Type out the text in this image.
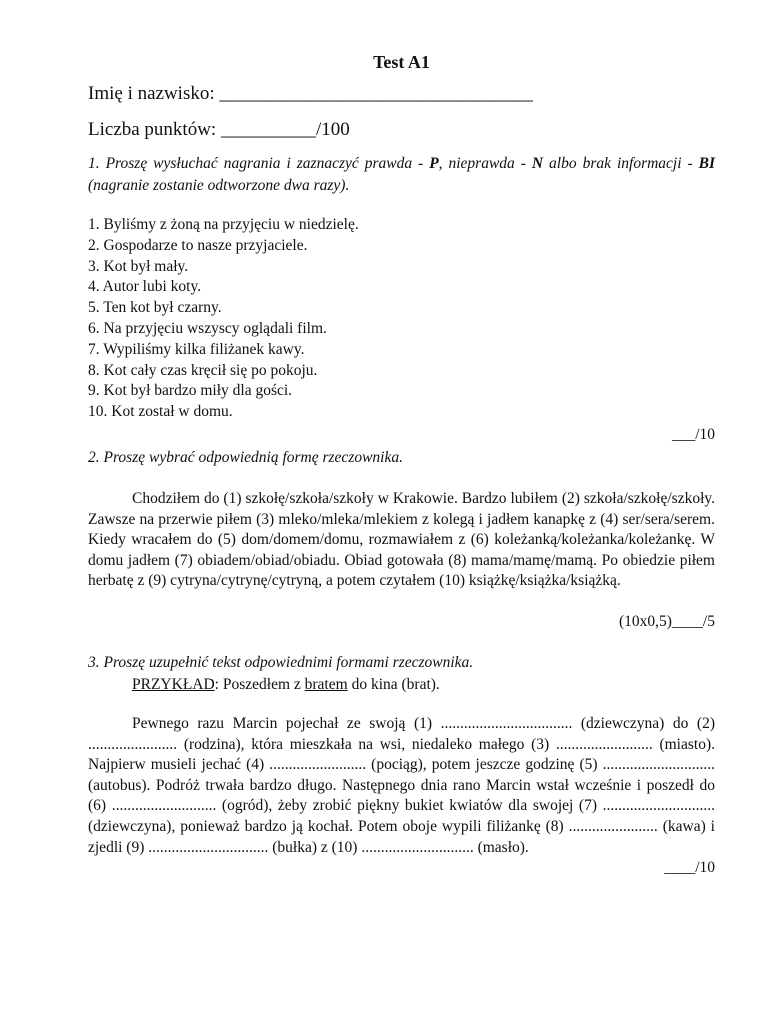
Test A1
Imię i nazwisko: _________________________________
Liczba punktów: __________/100

1. Proszę wysłuchać nagrania i zaznaczyć prawda - P, nieprawda - N albo brak informacji - BI (nagranie zostanie odtworzone dwa razy).

1. Byliśmy z żoną na przyjęciu w niedzielę.
2. Gospodarze to nasze przyjaciele.
3. Kot był mały.
4. Autor lubi koty.
5. Ten kot był czarny.
6. Na przyjęciu wszyscy oglądali film.
7. Wypiliśmy kilka filiżanek kawy.
8. Kot cały czas kręcił się po pokoju.
9. Kot był bardzo miły dla gości.
10. Kot został w domu.

___/10

2. Proszę wybrać odpowiednią formę rzeczownika.

Chodziłem do (1) szkołę/szkoła/szkoły w Krakowie. Bardzo lubiłem (2) szkoła/szkołę/szkoły. Zawsze na przerwie piłem (3) mleko/mleka/mlekiem z kolegą i jadłem kanapkę z (4) ser/sera/serem. Kiedy wracałem do (5) dom/domem/domu, rozmawiałem z (6) koleżanką/koleżanka/koleżankę. W domu jadłem (7) obiadem/obiad/obiadu. Obiad gotowała (8) mama/mamę/mamą. Po obiedzie piłem herbatę z (9) cytryna/cytrynę/cytryną, a potem czytałem (10) książkę/książka/książką.

(10x0,5)____/5

3. Proszę uzupełnić tekst odpowiednimi formami rzeczownika.

PRZYKŁAD: Poszedłem z bratem do kina (brat).

Pewnego razu Marcin pojechał ze swoją (1) .................................. (dziewczyna) do (2) ....................... (rodzina), która mieszkała na wsi, niedaleko małego (3) ......................... (miasto). Najpierw musieli jechać (4) ......................... (pociąg), potem jeszcze godzinę (5) ............................. (autobus). Podróż trwała bardzo długo. Następnego dnia rano Marcin wstał wcześnie i poszedł do (6) ........................... (ogród), żeby zrobić piękny bukiet kwiatów dla swojej (7) ............................. (dziewczyna), ponieważ bardzo ją kochał. Potem oboje wypili filiżankę (8) ....................... (kawa) i zjedli (9) ............................... (bułka) z (10) ............................. (masło).

____/10
